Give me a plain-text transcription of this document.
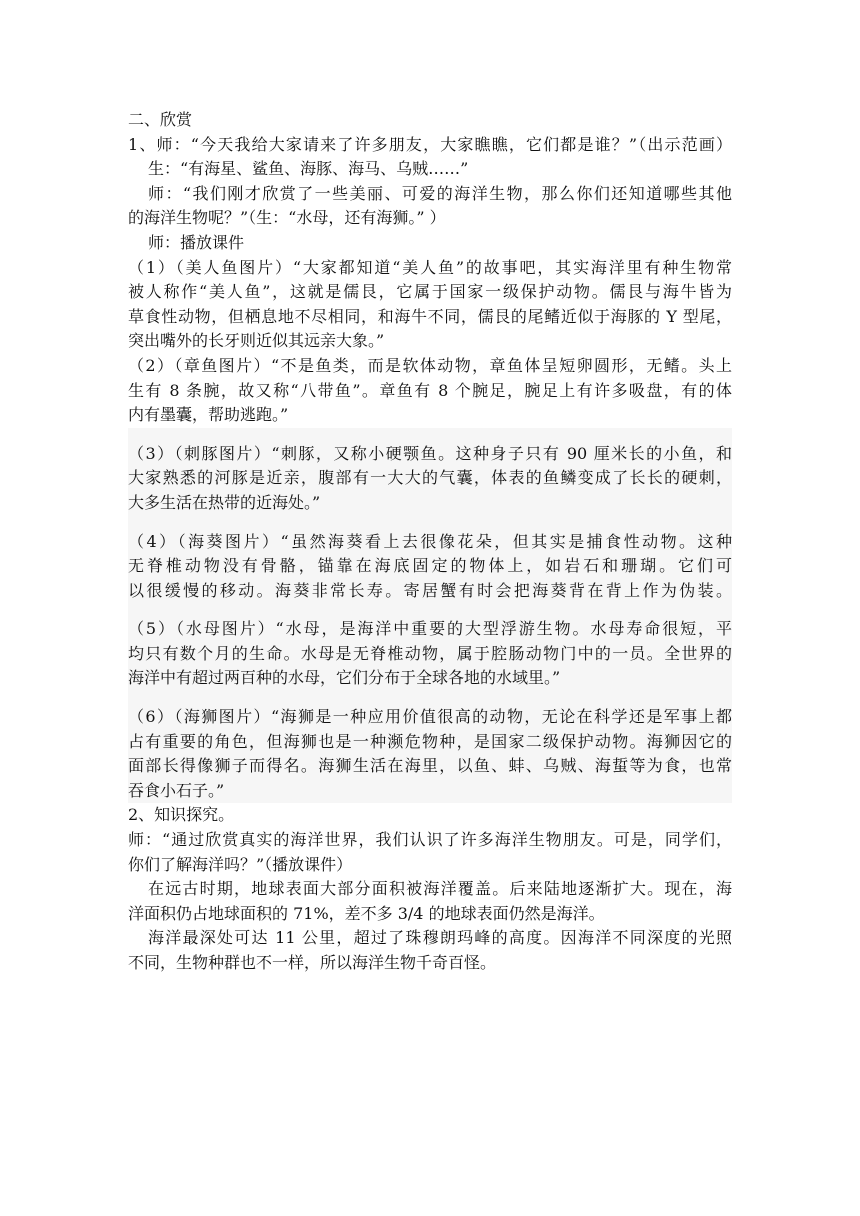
二、欣赏
1、师：“今天我给大家请来了许多朋友，大家瞧瞧，它们都是谁？”（出示范画）
生：“有海星、鲨鱼、海豚、海马、乌贼……”
师：“我们刚才欣赏了一些美丽、可爱的海洋生物，那么你们还知道哪些其他
的海洋生物呢？”（生：“水母，还有海狮。” ）
师：播放课件
（1）（美人鱼图片）“大家都知道“美人鱼”的故事吧，其实海洋里有种生物常
被人称作“美人鱼”，这就是儒艮，它属于国家一级保护动物。儒艮与海牛皆为
草食性动物，但栖息地不尽相同，和海牛不同，儒艮的尾鳍近似于海豚的 Y 型尾，
突出嘴外的长牙则近似其远亲大象。”
（2）（章鱼图片）“不是鱼类，而是软体动物，章鱼体呈短卵圆形，无鳍。头上
生有 8 条腕，故又称“八带鱼”。章鱼有 8 个腕足，腕足上有许多吸盘，有的体
内有墨囊，帮助逃跑。”
（3）（刺豚图片）“刺豚，又称小硬颚鱼。这种身子只有 90 厘米长的小鱼，和
大家熟悉的河豚是近亲，腹部有一大大的气囊，体表的鱼鳞变成了长长的硬刺，
大多生活在热带的近海处。”
（4）（海葵图片）“虽然海葵看上去很像花朵，但其实是捕食性动物。这种
无脊椎动物没有骨骼，锚靠在海底固定的物体上，如岩石和珊瑚。它们可
以很缓慢的移动。海葵非常长寿。寄居蟹有时会把海葵背在背上作为伪装。
（5）（水母图片）“水母，是海洋中重要的大型浮游生物。水母寿命很短，平
均只有数个月的生命。水母是无脊椎动物，属于腔肠动物门中的一员。全世界的
海洋中有超过两百种的水母，它们分布于全球各地的水域里。”
（6）（海狮图片）“海狮是一种应用价值很高的动物，无论在科学还是军事上都
占有重要的角色，但海狮也是一种濒危物种，是国家二级保护动物。海狮因它的
面部长得像狮子而得名。海狮生活在海里，以鱼、蚌、乌贼、海蜇等为食，也常
吞食小石子。”
2、知识探究。
师：“通过欣赏真实的海洋世界，我们认识了许多海洋生物朋友。可是，同学们，
你们了解海洋吗？”（播放课件）
在远古时期，地球表面大部分面积被海洋覆盖。后来陆地逐渐扩大。现在，海
洋面积仍占地球面积的 71%，差不多 3/4 的地球表面仍然是海洋。
海洋最深处可达 11 公里，超过了珠穆朗玛峰的高度。因海洋不同深度的光照
不同，生物种群也不一样，所以海洋生物千奇百怪。
